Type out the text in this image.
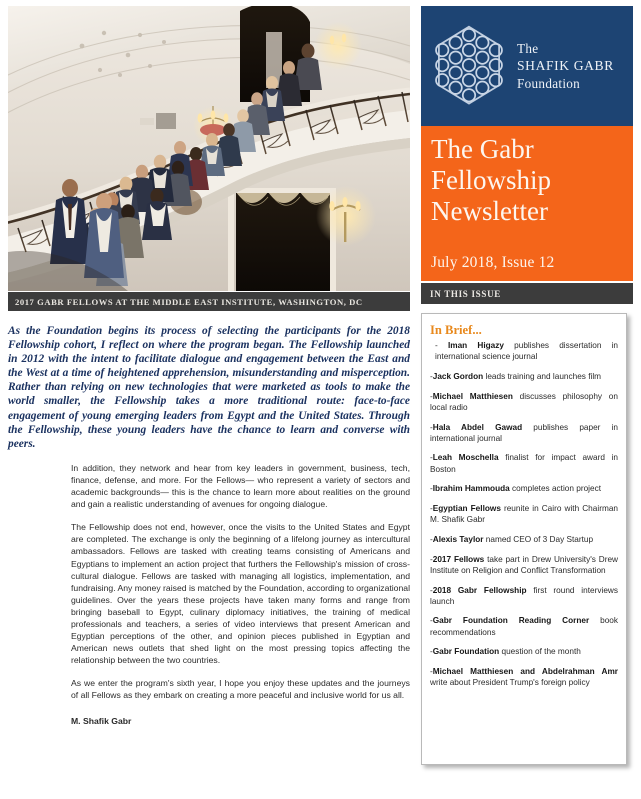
2017 GABR FELLOWS AT THE MIDDLE EAST INSTITUTE, WASHINGTON, DC
As the Foundation begins its process of selecting the participants for the 2018 Fellowship cohort, I reflect on where the program began. The Fellowship launched in 2012 with the intent to facilitate dialogue and engagement between the East and the West at a time of heightened apprehension, misunderstanding and misperception. Rather than relying on new technologies that were marketed as tools to make the world smaller, the Fellowship takes a more traditional route: face-to-face engagement of young emerging leaders from Egypt and the United States. Through the Fellowship, these young leaders have the chance to learn and converse with peers.

In addition, they network and hear from key leaders in government, business, tech, finance, defense, and more. For the Fellows— who represent a variety of sectors and academic backgrounds— this is the chance to learn more about realities on the ground and gain a realistic understanding of avenues for ongoing dialogue.

The Fellowship does not end, however, once the visits to the United States and Egypt are completed. The exchange is only the beginning of a lifelong journey as intercultural ambassadors. Fellows are tasked with creating teams consisting of Americans and Egyptians to implement an action project that furthers the Fellowship's mission of cross-cultural dialogue. Fellows are tasked with managing all logistics, implementation, and fundraising. Any money raised is matched by the Foundation, according to organizational guidelines. Over the years these projects have taken many forms and range from bringing baseball to Egypt, culinary diplomacy initiatives, the training of medical professionals and teachers, a series of video interviews that present American and Egyptian perceptions of the other, and opinion pieces published in Egyptian and American news outlets that shed light on the most pressing topics affecting the relationship between the two countries.

As we enter the program's sixth year, I hope you enjoy these updates and the journeys of all Fellows as they embark on creating a more peaceful and inclusive world for us all.

M. Shafik Gabr

The
SHAFIK GABR
Foundation
The Gabr
Fellowship
Newsletter
July 2018, Issue 12
IN THIS ISSUE
In Brief...
- Iman Higazy publishes dissertation in international science journal
-Jack Gordon leads training and launches film
-Michael Matthiesen discusses philosophy on local radio
-Hala Abdel Gawad publishes paper in international journal
-Leah Moschella finalist for impact award in Boston
-Ibrahim Hammouda completes action project
-Egyptian Fellows reunite in Cairo with Chairman M. Shafik Gabr
-Alexis Taylor named CEO of 3 Day Startup
-2017 Fellows take part in Drew University's Drew Institute on Religion and Conflict Transformation
-2018 Gabr Fellowship first round interviews launch
-Gabr Foundation Reading Corner book recommendations
-Gabr Foundation question of the month
-Michael Matthiesen and Abdelrahman Amr write about President Trump's foreign policy
